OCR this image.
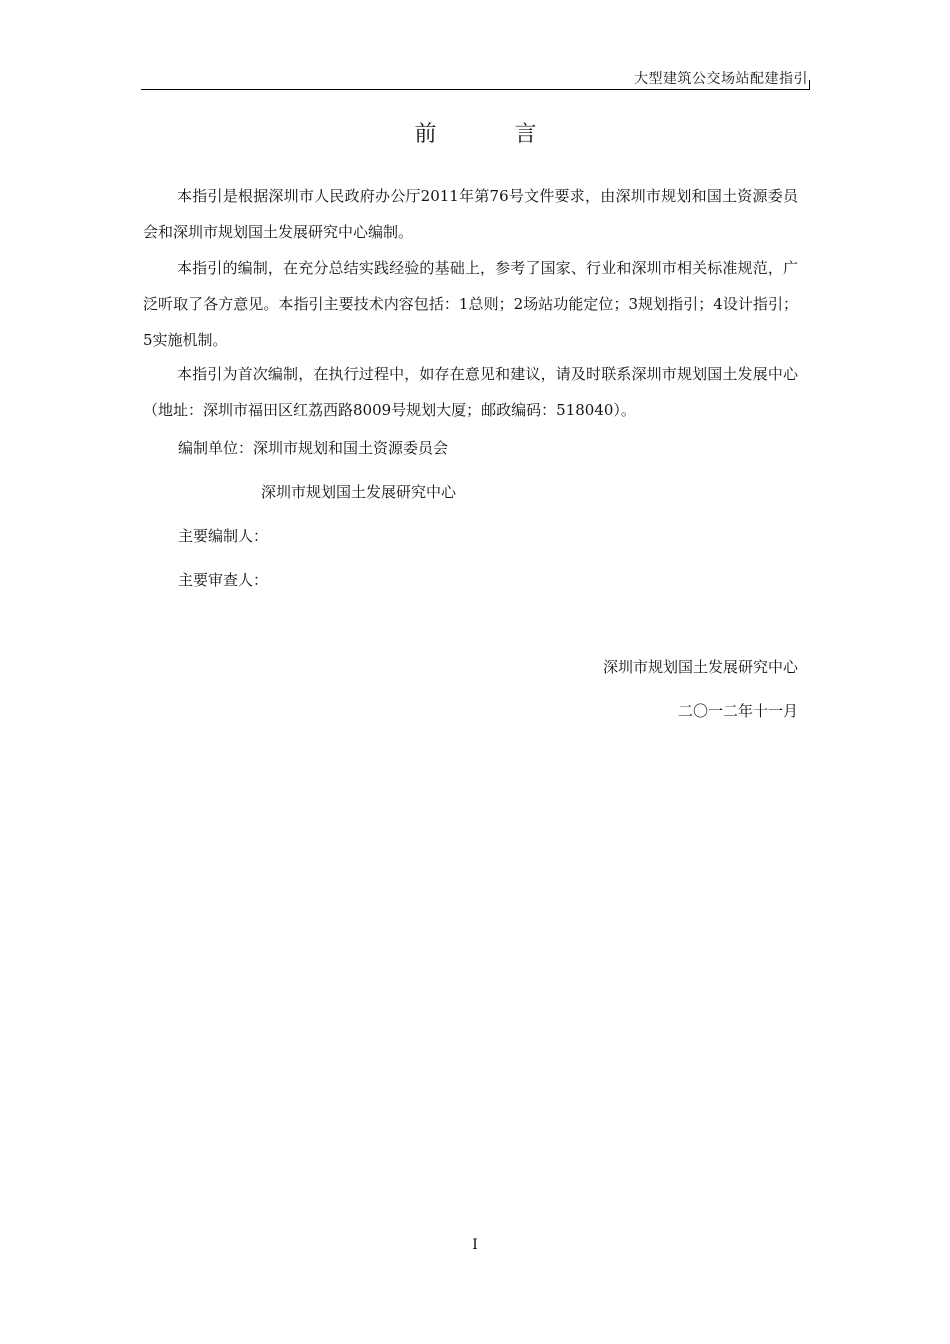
大型建筑公交场站配建指引
前　言

本指引是根据深圳市人民政府办公厅2011年第76号文件要求，由深圳市规划和国土资源委员会和深圳市规划国土发展研究中心编制。

本指引的编制，在充分总结实践经验的基础上，参考了国家、行业和深圳市相关标准规范，广泛听取了各方意见。本指引主要技术内容包括：1总则；2场站功能定位；3规划指引；4设计指引；5实施机制。

本指引为首次编制，在执行过程中，如存在意见和建议，请及时联系深圳市规划国土发展中心（地址：深圳市福田区红荔西路8009号规划大厦；邮政编码：518040）。

编制单位：深圳市规划和国土资源委员会

深圳市规划国土发展研究中心

主要编制人：

主要审查人：

深圳市规划国土发展研究中心

二〇一二年十一月

I
